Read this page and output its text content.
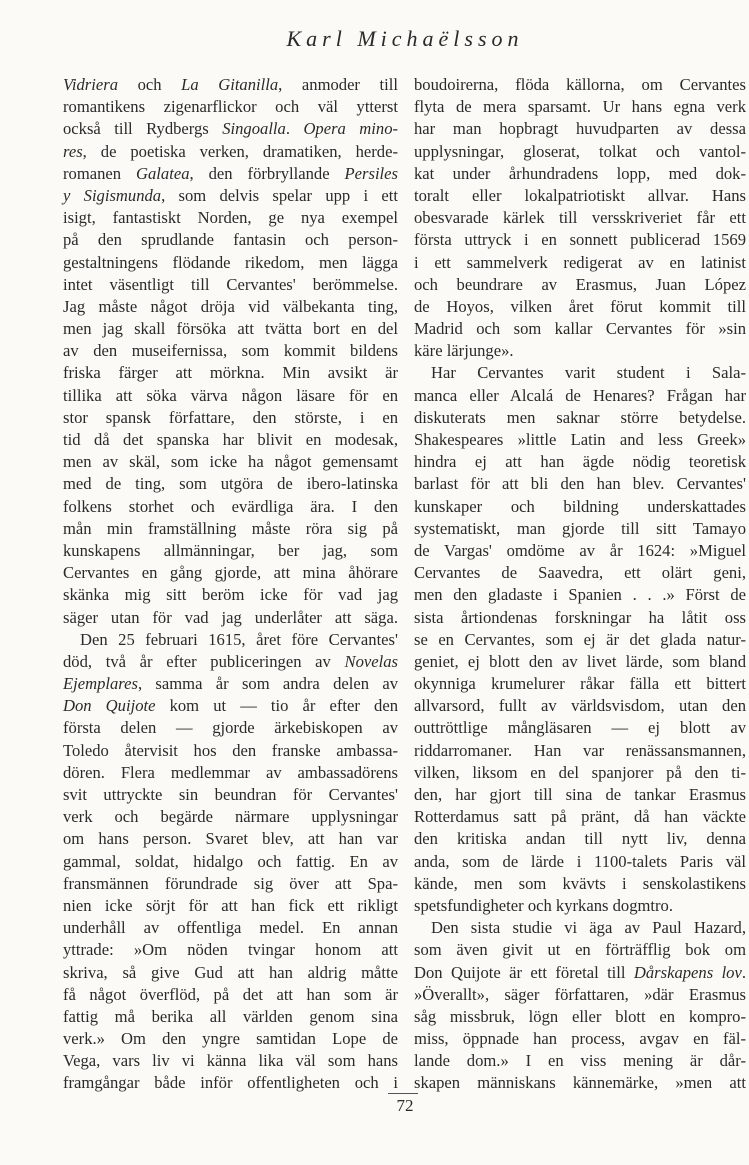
Karl Michaëlsson
Vidriera och La Gitanilla, anmoder till
romantikens zigenarflickor och väl ytterst
också till Rydbergs Singoalla. Opera mino-
res, de poetiska verken, dramatiken, herde-
romanen Galatea, den förbryllande Persiles
y Sigismunda, som delvis spelar upp i ett
isigt, fantastiskt Norden, ge nya exempel
på den sprudlande fantasin och person-
gestaltningens flödande rikedom, men lägga
intet väsentligt till Cervantes' berömmelse.
Jag måste något dröja vid välbekanta ting,
men jag skall försöka att tvätta bort en del
av den museifernissa, som kommit bildens
friska färger att mörkna. Min avsikt är
tillika att söka värva någon läsare för en
stor spansk författare, den störste, i en
tid då det spanska har blivit en modesak,
men av skäl, som icke ha något gemensamt
med de ting, som utgöra de ibero-latinska
folkens storhet och evärdliga ära. I den
mån min framställning måste röra sig på
kunskapens allmänningar, ber jag, som
Cervantes en gång gjorde, att mina åhörare
skänka mig sitt beröm icke för vad jag
säger utan för vad jag underlåter att säga.
Den 25 februari 1615, året före Cervantes'
död, två år efter publiceringen av Novelas
Ejemplares, samma år som andra delen av
Don Quijote kom ut — tio år efter den
första delen — gjorde ärkebiskopen av
Toledo återvisit hos den franske ambassa-
dören. Flera medlemmar av ambassadörens
svit uttryckte sin beundran för Cervantes'
verk och begärde närmare upplysningar
om hans person. Svaret blev, att han var
gammal, soldat, hidalgo och fattig. En av
fransmännen förundrade sig över att Spa-
nien icke sörjt för att han fick ett rikligt
underhåll av offentliga medel. En annan
yttrade: »Om nöden tvingar honom att
skriva, så give Gud att han aldrig måtte
få något överflöd, på det att han som är
fattig må berika all världen genom sina
verk.» Om den yngre samtidan Lope de
Vega, vars liv vi känna lika väl som hans
framgångar både inför offentligheten och i
boudoirerna, flöda källorna, om Cervantes
flyta de mera sparsamt. Ur hans egna verk
har man hopbragt huvudparten av dessa
upplysningar, gloserat, tolkat och vantol-
kat under århundradens lopp, med dok-
toralt eller lokalpatriotiskt allvar. Hans
obesvarade kärlek till versskriveriet får ett
första uttryck i en sonnett publicerad 1569
i ett sammelverk redigerat av en latinist
och beundrare av Erasmus, Juan López
de Hoyos, vilken året förut kommit till
Madrid och som kallar Cervantes för »sin
käre lärjunge».
Har Cervantes varit student i Sala-
manca eller Alcalá de Henares? Frågan har
diskuterats men saknar större betydelse.
Shakespeares »little Latin and less Greek»
hindra ej att han ägde nödig teoretisk
barlast för att bli den han blev. Cervantes'
kunskaper och bildning underskattades
systematiskt, man gjorde till sitt Tamayo
de Vargas' omdöme av år 1624: »Miguel
Cervantes de Saavedra, ett olärt geni,
men den gladaste i Spanien . . .» Först de
sista årtiondenas forskningar ha låtit oss
se en Cervantes, som ej är det glada natur-
geniet, ej blott den av livet lärde, som bland
okynniga krumelurer råkar fälla ett bittert
allvarsord, fullt av världsvisdom, utan den
outtröttlige mångläsaren — ej blott av
riddarromaner. Han var renässansmannen,
vilken, liksom en del spanjorer på den ti-
den, har gjort till sina de tankar Erasmus
Rotterdamus satt på pränt, då han väckte
den kritiska andan till nytt liv, denna
anda, som de lärde i 1100-talets Paris väl
kände, men som kvävts i senskolastikens
spetsfundigheter och kyrkans dogmtro.
Den sista studie vi äga av Paul Hazard,
som även givit ut en förträfflig bok om
Don Quijote är ett företal till Dårskapens lov.
»Överallt», säger författaren, »där Erasmus
såg missbruk, lögn eller blott en kompro-
miss, öppnade han process, avgav en fäl-
lande dom.» I en viss mening är dår-
skapen människans kännemärke, »men att
72
